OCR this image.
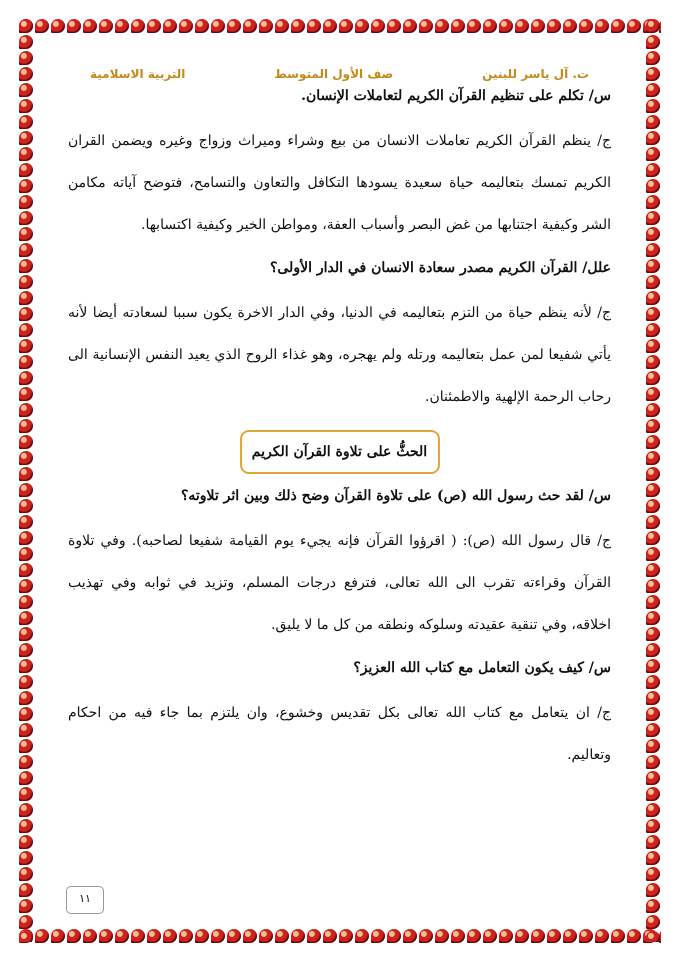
ت. آل ياسر للبنين
صف الأول المتوسط
التربية الاسلامية

س/ تكلم على تنظيم القرآن الكريم لتعاملات الإنسان.

ج/ ينظم القرآن الكريم تعاملات الانسان من بيع وشراء وميراث وزواج وغيره ويضمن القران الكريم تمسك بتعاليمه حياة سعيدة يسودها التكافل والتعاون والتسامح، فتوضح آياته مكامن الشر وكيفية اجتنابها من غض البصر وأسباب العفة، ومواطن الخير وكيفية اكتسابها.

علل/ القرآن الكريم مصدر سعادة الانسان في الدار الأولى؟

ج/ لأنه ينظم حياة من التزم بتعاليمه في الدنيا، وفي الدار الاخرة يكون سببا لسعادته أيضا لأنه يأتي شفيعا لمن عمل بتعاليمه ورتله ولم يهجره، وهو غذاء الروح الذي يعيد النفس الإنسانية الى رحاب الرحمة الإلهية والاطمئنان.

الحثُّ على تلاوة القرآن الكريم

س/ لقد حث رسول الله (ص) على تلاوة القرآن وضح ذلك وبين اثر تلاوته؟

ج/ قال رسول الله (ص): ( اقرؤوا القرآن فإنه يجيء يوم القيامة شفيعا لصاحبه). وفي تلاوة القرآن وقراءته تقرب الى الله تعالى، فترفع درجات المسلم، وتزيد في ثوابه وفي تهذيب اخلاقه، وفي تنقية عقيدته وسلوكه ونطقه من كل ما لا يليق.

س/ كيف يكون التعامل مع كتاب الله العزيز؟

ج/ ان يتعامل مع كتاب الله تعالى بكل تقديس وخشوع، وان يلتزم بما جاء فيه من احكام وتعاليم.

١١
